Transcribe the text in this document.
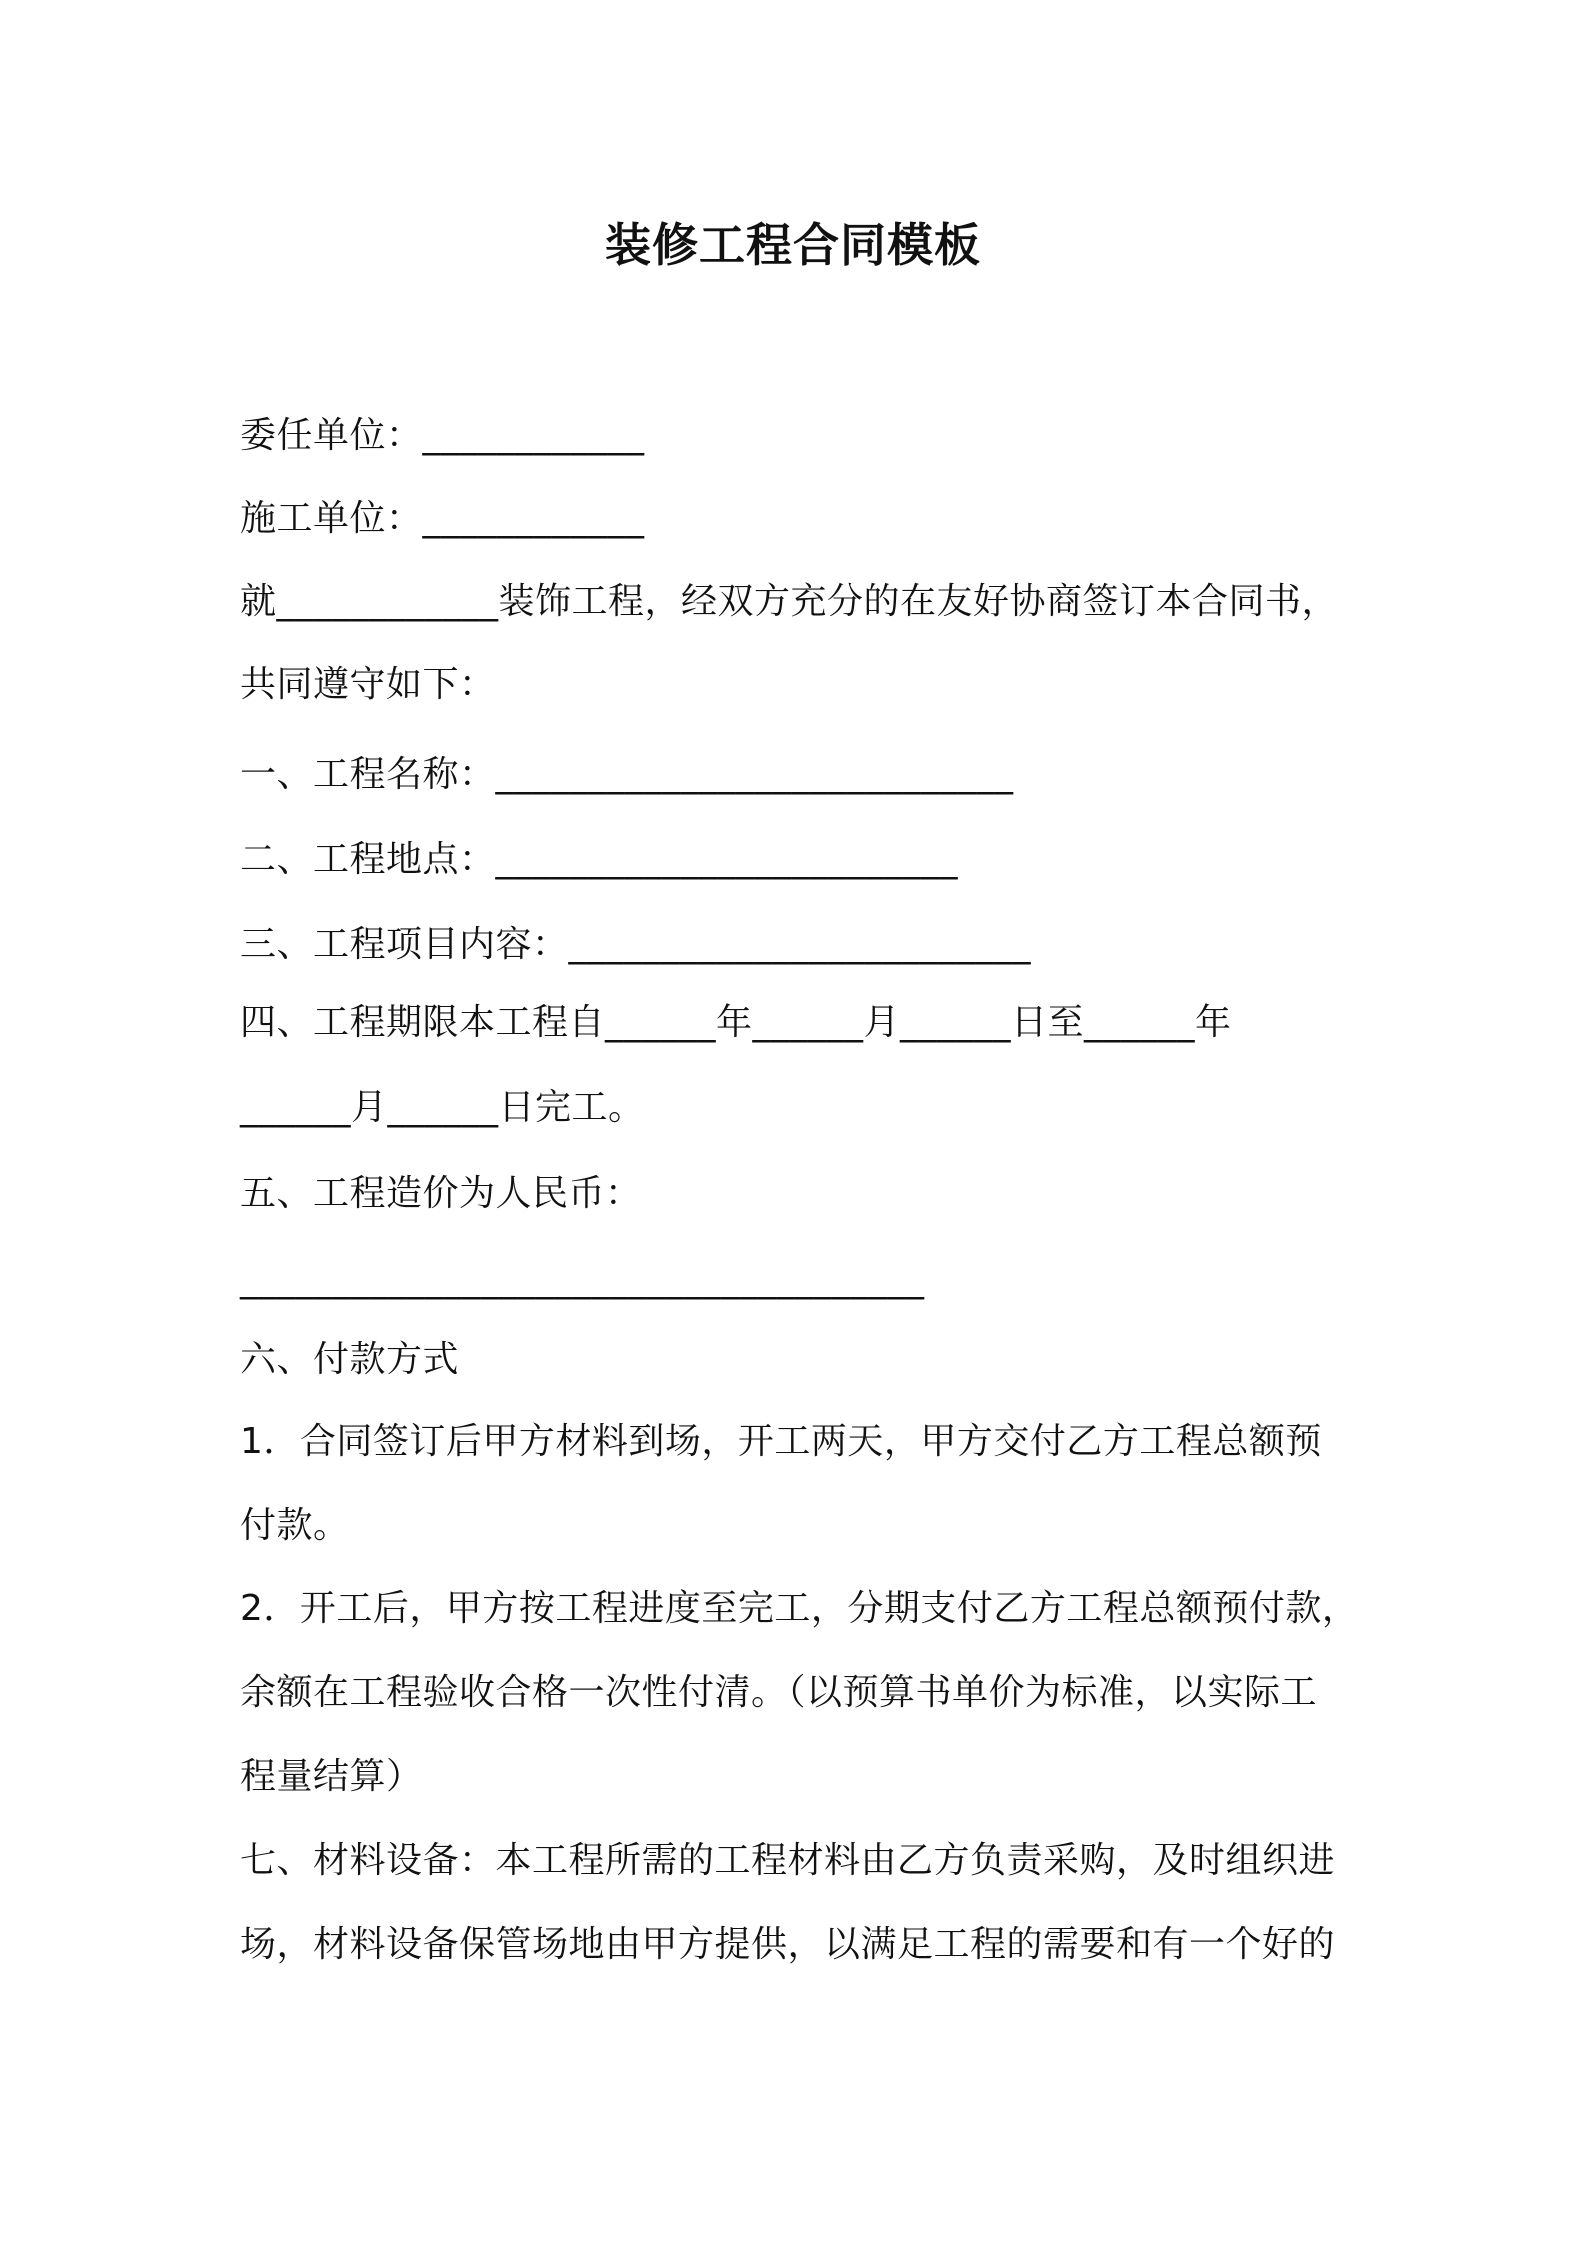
装修工程合同模板
委任单位：____________
施工单位：____________
就____________装饰工程，经双方充分的在友好协商签订本合同书，
共同遵守如下：
一、工程名称：____________________________
二、工程地点：_________________________
三、工程项目内容：_________________________
四、工程期限本工程自______年______月______日至______年
______月______日完工。
五、工程造价为人民币：
_____________________________________
六、付款方式
1．合同签订后甲方材料到场，开工两天，甲方交付乙方工程总额预
付款。
2．开工后，甲方按工程进度至完工，分期支付乙方工程总额预付款，
余额在工程验收合格一次性付清。（以预算书单价为标准，以实际工
程量结算）
七、材料设备：本工程所需的工程材料由乙方负责采购，及时组织进
场，材料设备保管场地由甲方提供，以满足工程的需要和有一个好的
